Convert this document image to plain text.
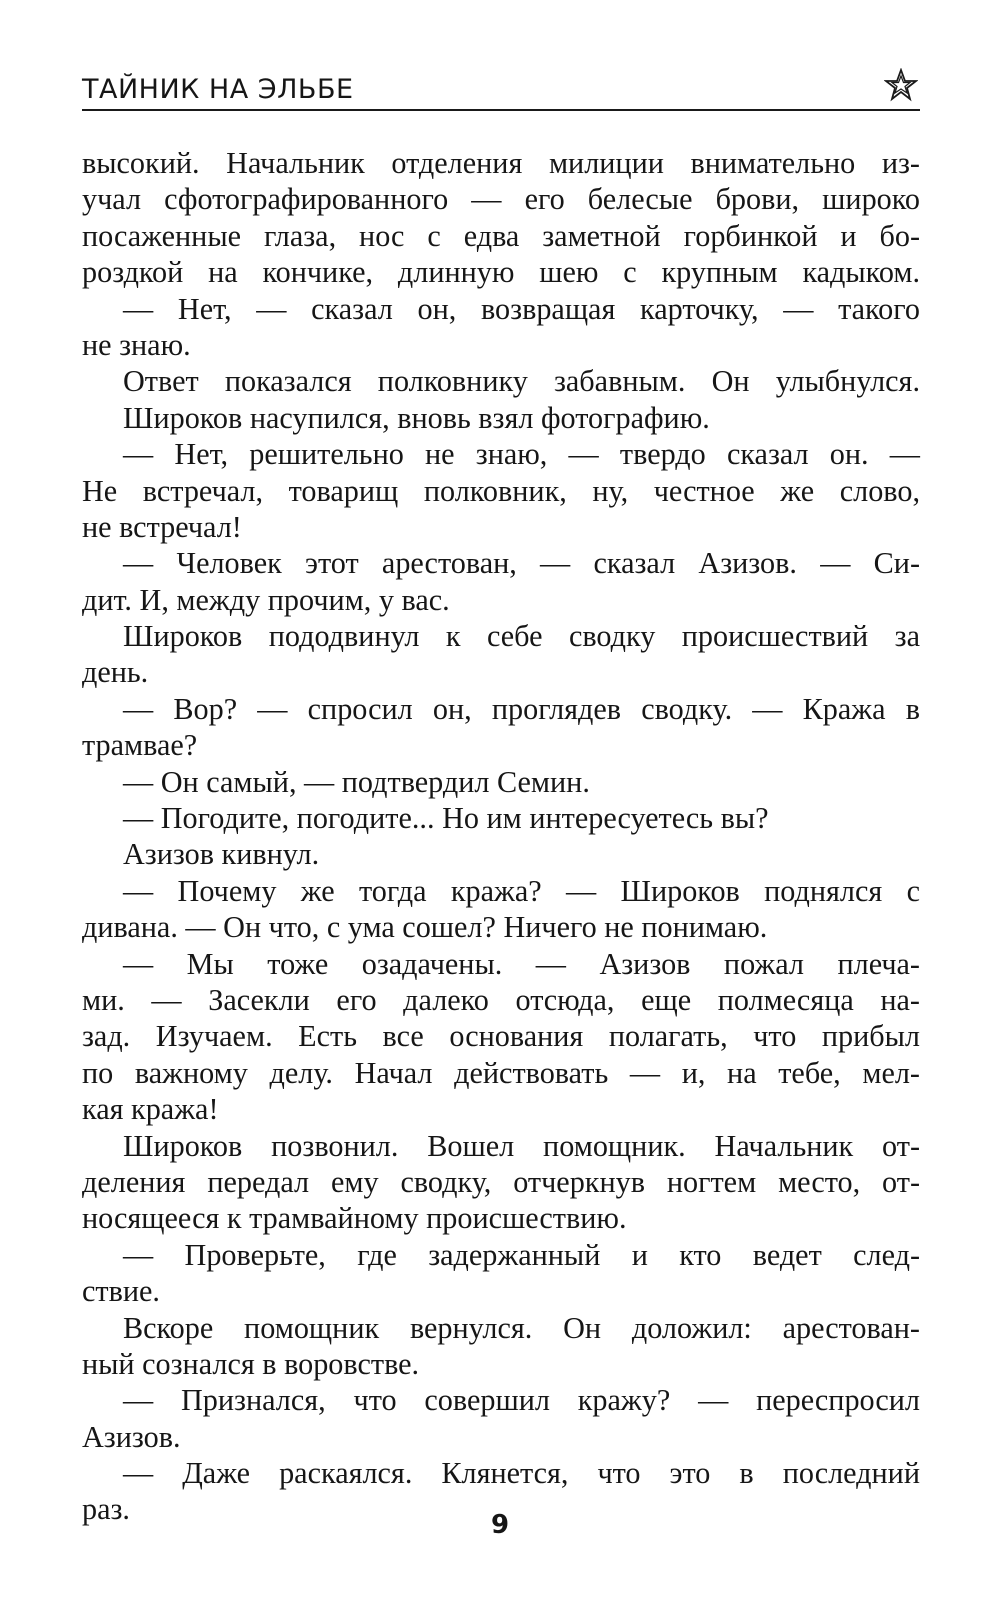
ТАЙНИК НА ЭЛЬБЕ
высокий. Начальник отделения милиции внимательно из-
учал сфотографированного — его белесые брови, широко
посаженные глаза, нос с едва заметной горбинкой и бо-
роздкой на кончике, длинную шею с крупным кадыком.
— Нет, — сказал он, возвращая карточку, — такого
не знаю.
Ответ показался полковнику забавным. Он улыбнулся.
Широков насупился, вновь взял фотографию.
— Нет, решительно не знаю, — твердо сказал он. —
Не встречал, товарищ полковник, ну, честное же слово,
не встречал!
— Человек этот арестован, — сказал Азизов. — Си-
дит. И, между прочим, у вас.
Широков пододвинул к себе сводку происшествий за
день.
— Вор? — спросил он, проглядев сводку. — Кража в
трамвае?
— Он самый, — подтвердил Семин.
— Погодите, погодите... Но им интересуетесь вы?
Азизов кивнул.
— Почему же тогда кража? — Широков поднялся с
дивана. — Он что, с ума сошел? Ничего не понимаю.
— Мы тоже озадачены. — Азизов пожал плеча-
ми. — Засекли его далеко отсюда, еще полмесяца на-
зад. Изучаем. Есть все основания полагать, что прибыл
по важному делу. Начал действовать — и, на тебе, мел-
кая кража!
Широков позвонил. Вошел помощник. Начальник от-
деления передал ему сводку, отчеркнув ногтем место, от-
носящееся к трамвайному происшествию.
— Проверьте, где задержанный и кто ведет след-
ствие.
Вскоре помощник вернулся. Он доложил: арестован-
ный сознался в воровстве.
— Признался, что совершил кражу? — переспросил
Азизов.
— Даже раскаялся. Клянется, что это в последний
раз.	9
